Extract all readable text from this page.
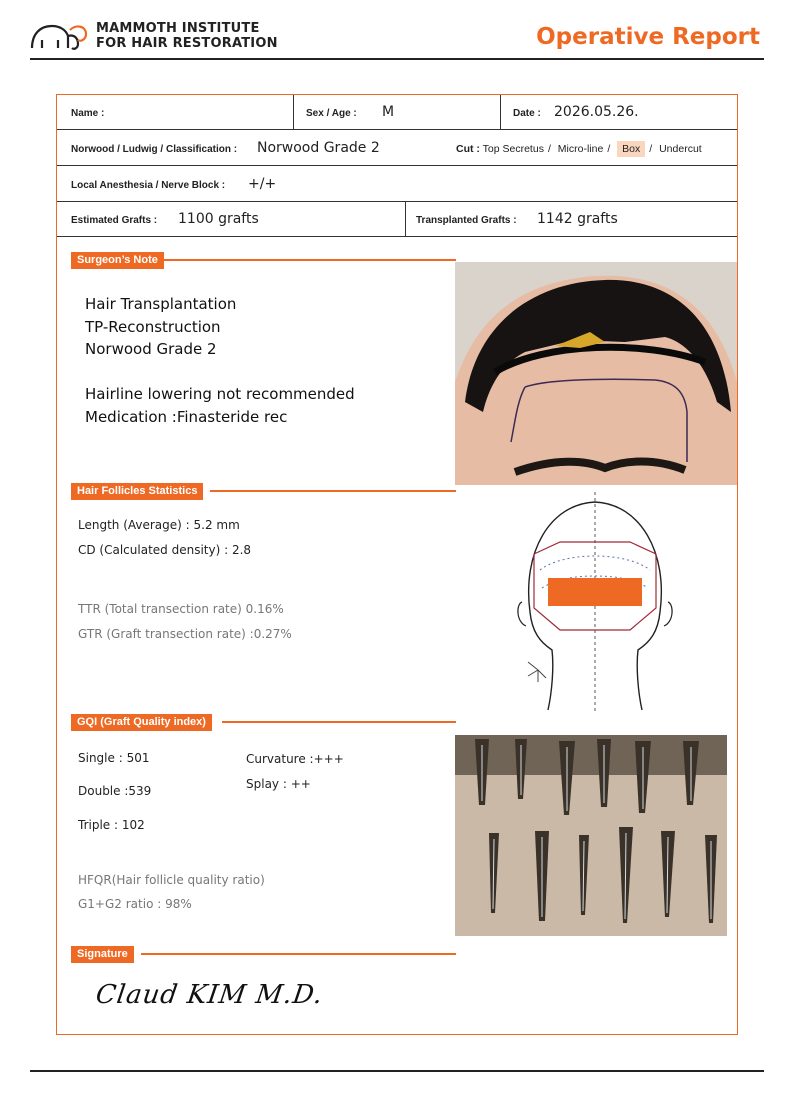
MAMMOTH INSTITUTE
FOR HAIR RESTORATION	Operative Report
Name :	Sex / Age : M	Date : 2026.05.26.
Norwood / Ludwig / Classification : Norwood Grade 2	Cut : Top Secretus / Micro-line / Box / Undercut
Local Anesthesia / Nerve Block : +/+
Estimated Grafts : 1100 grafts	Transplanted Grafts : 1142 grafts
Surgeon’s Note
Hair Transplantation
TP-Reconstruction
Norwood Grade 2
Hairline lowering not recommended
Medication :Finasteride rec
Hair Follicles Statistics
Length (Average) : 5.2 mm
CD (Calculated density) : 2.8
TTR (Total transection rate) 0.16%
GTR (Graft transection rate) :0.27%
GQI (Graft Quality index)
Single : 501
Double :539
Triple : 102
Curvature :+++
Splay : ++
HFQR(Hair follicle quality ratio)
G1+G2 ratio : 98%
Signature
Claud KIM M.D.
